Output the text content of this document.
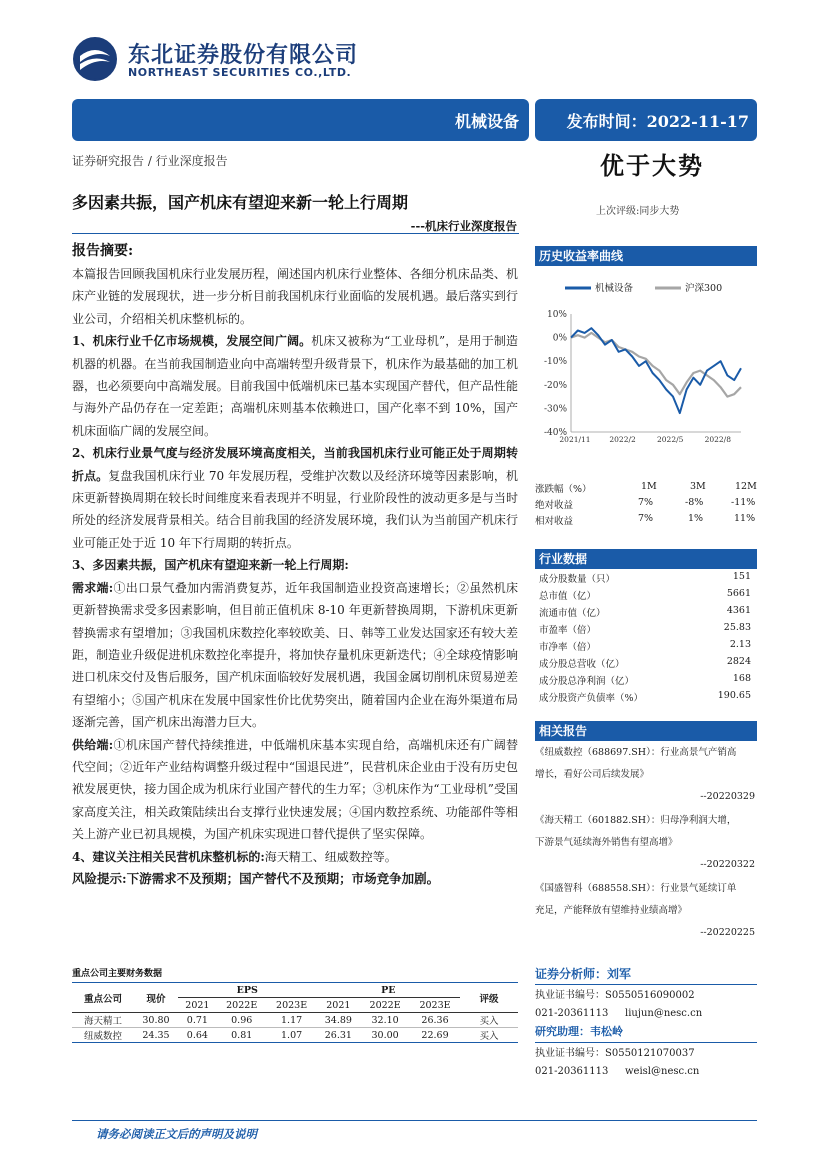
东北证券股份有限公司
NORTHEAST SECURITIES CO.,LTD.
机械设备	发布时间：2022-11-17
证券研究报告 / 行业深度报告	优于大势
上次评级:同步大势
多因素共振，国产机床有望迎来新一轮上行周期
---机床行业深度报告
报告摘要:

本篇报告回顾我国机床行业发展历程，阐述国内机床行业整体、各细分机床品类、机床产业链的发展现状，进一步分析目前我国机床行业面临的发展机遇。最后落实到行业公司，介绍相关机床整机标的。

1、机床行业千亿市场规模，发展空间广阔。机床又被称为“工业母机”，是用于制造机器的机器。在当前我国制造业向中高端转型升级背景下，机床作为最基础的加工机器，也必须要向中高端发展。目前我国中低端机床已基本实现国产替代，但产品性能与海外产品仍存在一定差距；高端机床则基本依赖进口，国产化率不到 10%，国产机床面临广阔的发展空间。

2、机床行业景气度与经济发展环境高度相关，当前我国机床行业可能正处于周期转折点。复盘我国机床行业 70 年发展历程，受维护次数以及经济环境等因素影响，机床更新替换周期在较长时间维度来看表现并不明显，行业阶段性的波动更多是与当时所处的经济发展背景相关。结合目前我国的经济发展环境，我们认为当前国产机床行业可能正处于近 10 年下行周期的转折点。

3、多因素共振，国产机床有望迎来新一轮上行周期:

需求端:①出口景气叠加内需消费复苏，近年我国制造业投资高速增长；②虽然机床更新替换需求受多因素影响，但目前正值机床 8-10 年更新替换周期，下游机床更新替换需求有望增加；③我国机床数控化率较欧美、日、韩等工业发达国家还有较大差距，制造业升级促进机床数控化率提升，将加快存量机床更新迭代；④全球疫情影响进口机床交付及售后服务，国产机床面临较好发展机遇，我国金属切削机床贸易逆差有望缩小；⑤国产机床在发展中国家性价比优势突出，随着国内企业在海外渠道布局逐渐完善，国产机床出海潜力巨大。

供给端:①机床国产替代持续推进，中低端机床基本实现自给，高端机床还有广阔替代空间；②近年产业结构调整升级过程中“国退民进”，民营机床企业由于没有历史包袱发展更快，接力国企成为机床行业国产替代的生力军；③机床作为“工业母机”受国家高度关注，相关政策陆续出台支撑行业快速发展；④国内数控系统、功能部件等相关上游产业已初具规模，为国产机床实现进口替代提供了坚实保障。

4、建议关注相关民营机床整机标的:海天精工、纽威数控等。

风险提示:下游需求不及预期；国产替代不及预期；市场竞争加剧。

历史收益率曲线
机械设备	沪深300
10%
0%
-10%
-20%
-30%
-40%
2021/11	2022/2	2022/5	2022/8
涨跌幅（%）	1M	3M	12M
绝对收益	7%	-8%	-11%
相对收益	7%	1%	11%
行业数据
成分股数量（只）	151
总市值（亿）	5661
流通市值（亿）	4361
市盈率（倍）	25.83
市净率（倍）	2.13
成分股总营收（亿）	2824
成分股总净利润（亿）	168
成分股资产负债率（%）	190.65
相关报告
《纽威数控（688697.SH）：行业高景气产销高
增长，看好公司后续发展》
--20220329
《海天精工（601882.SH）：归母净利润大增，
下游景气延续海外销售有望高增》
--20220322
《国盛智科（688558.SH）：行业景气延续订单
充足，产能释放有望维持业绩高增》
--20220225
证券分析师：刘军
执业证书编号：S0550516090002
021-20361113 liujun@nesc.cn
研究助理：韦松岭
执业证书编号：S0550121070037
021-20361113 weisl@nesc.cn
重点公司主要财务数据
重点公司	现价	EPS			PE			评级
		2021	2022E	2023E	2021	2022E	2023E	
海天精工	30.80	0.71	0.96	1.17	34.89	32.10	26.36	买入
纽威数控	24.35	0.64	0.81	1.07	26.31	30.00	22.69	买入
请务必阅读正文后的声明及说明
